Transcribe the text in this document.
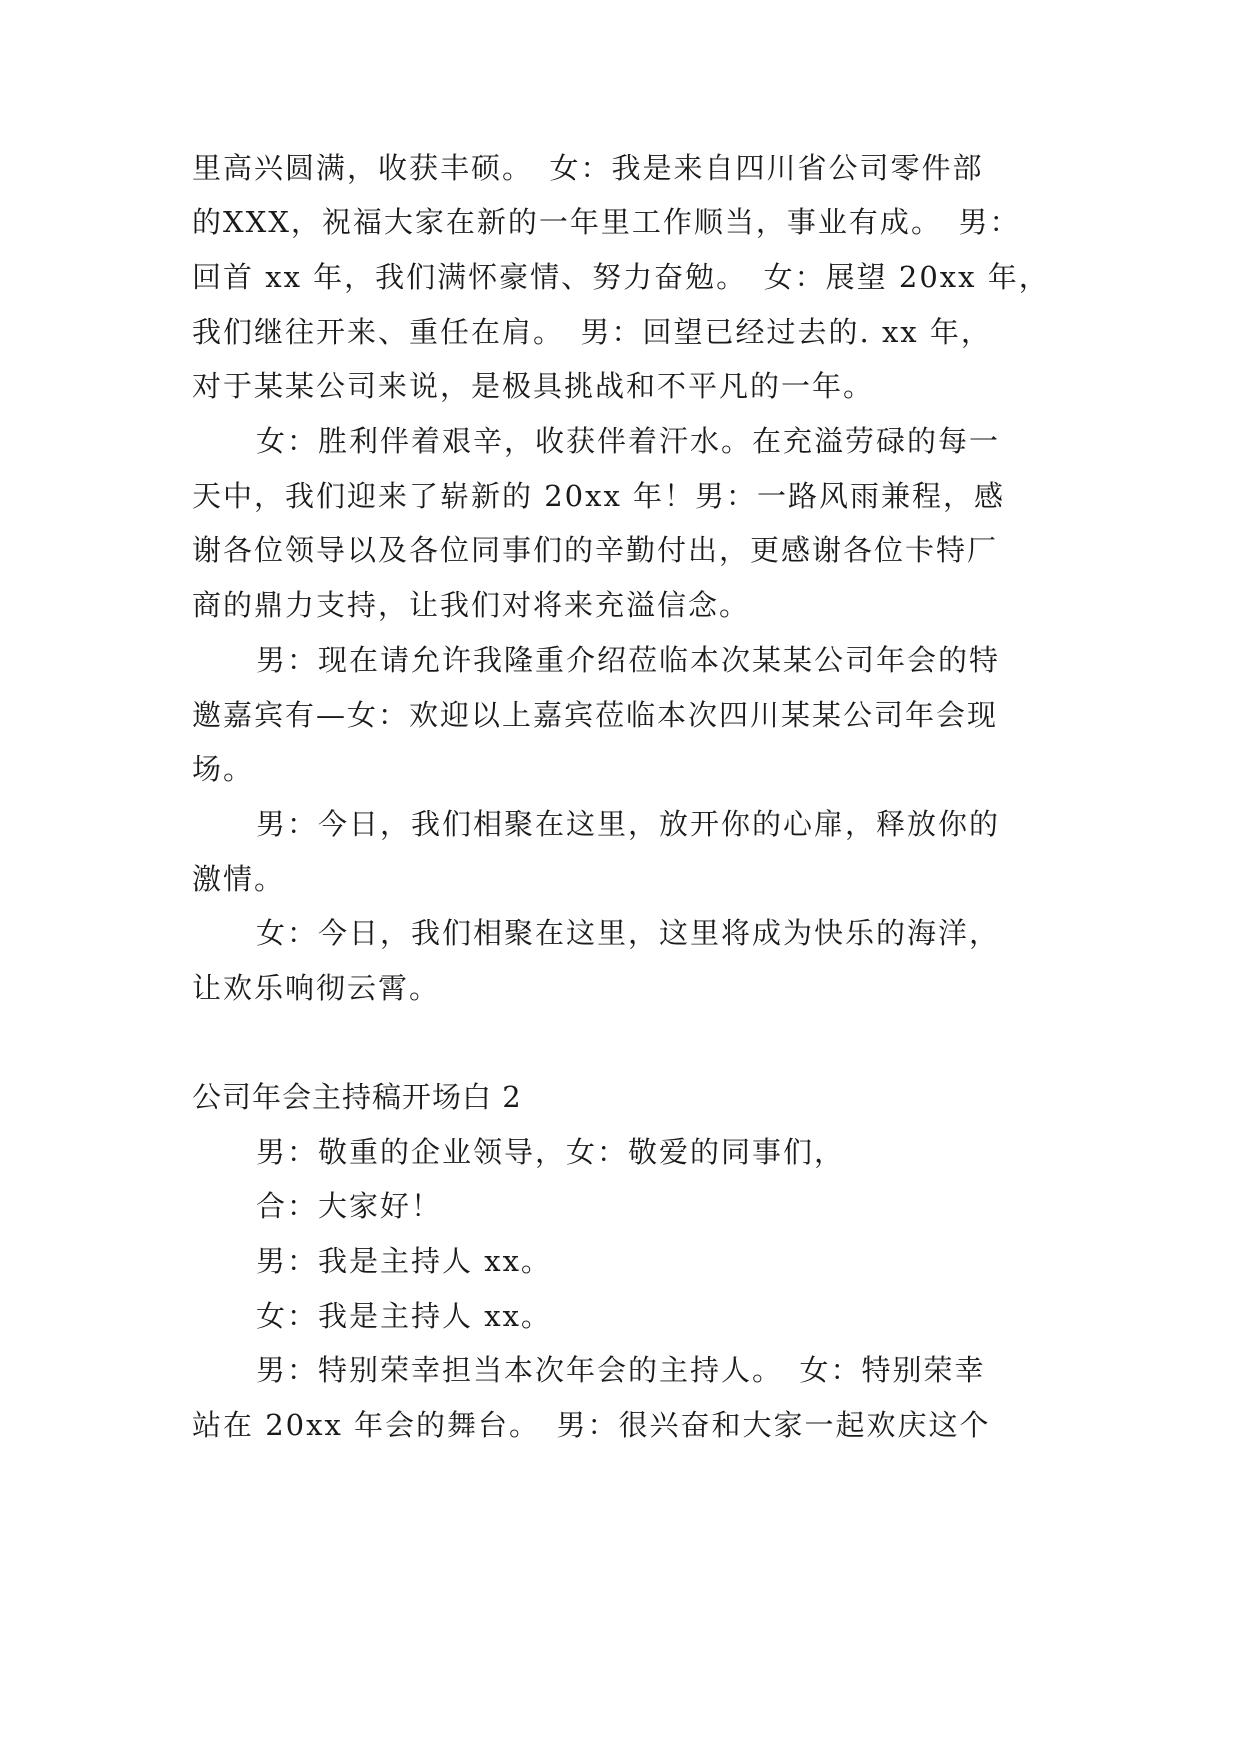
里高兴圆满，收获丰硕。　女：我是来自四川省公司零件部
的XXX，祝福大家在新的一年里工作顺当，事业有成。　男：
回首 xx 年，我们满怀豪情、努力奋勉。　女：展望 20xx 年，
我们继往开来、重任在肩。　男：回望已经过去的. xx 年，
对于某某公司来说，是极具挑战和不平凡的一年。
女：胜利伴着艰辛，收获伴着汗水。在充溢劳碌的每一
天中，我们迎来了崭新的 20xx 年！男：一路风雨兼程，感
谢各位领导以及各位同事们的辛勤付出，更感谢各位卡特厂
商的鼎力支持，让我们对将来充溢信念。
男：现在请允许我隆重介绍莅临本次某某公司年会的特
邀嘉宾有—女：欢迎以上嘉宾莅临本次四川某某公司年会现
场。
男：今日，我们相聚在这里，放开你的心扉，释放你的
激情。
女：今日，我们相聚在这里，这里将成为快乐的海洋，
让欢乐响彻云霄。
公司年会主持稿开场白 2
男：敬重的企业领导，女：敬爱的同事们，
合：大家好！
男：我是主持人 xx。
女：我是主持人 xx。
男：特别荣幸担当本次年会的主持人。　女：特别荣幸
站在 20xx 年会的舞台。　男：很兴奋和大家一起欢庆这个
